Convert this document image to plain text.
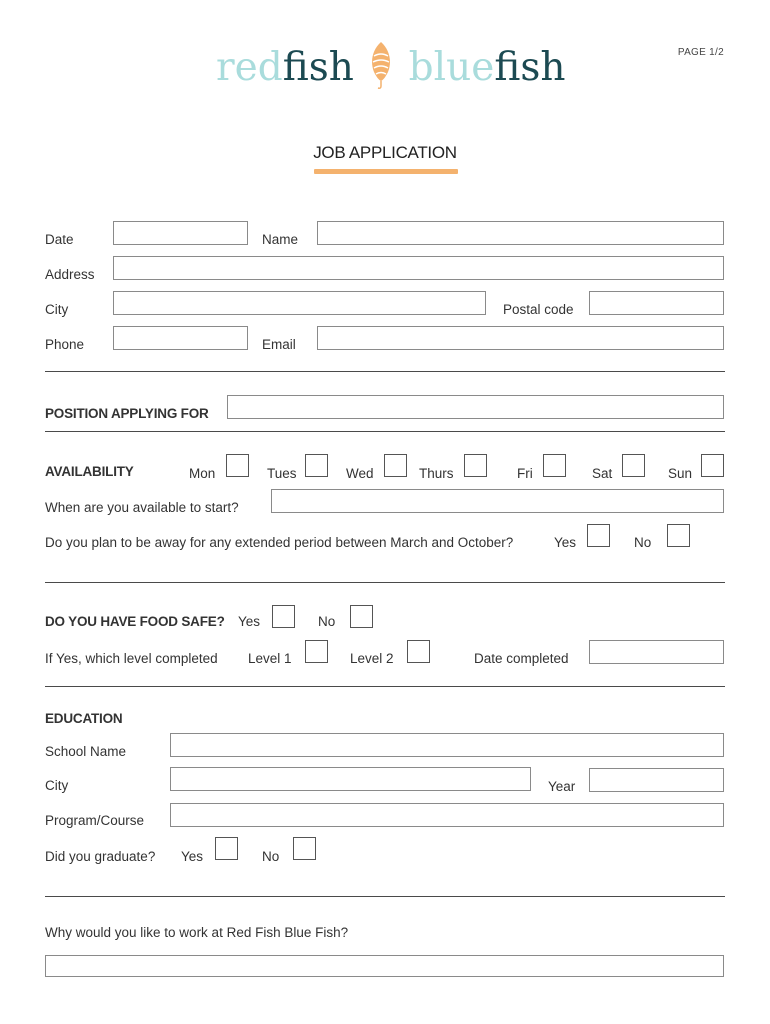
PAGE 1/2
redfish bluefish
JOB APPLICATION
Date	Name
Address
City	Postal code
Phone	Email
POSITION APPLYING FOR
AVAILABILITY	Mon	Tues	Wed	Thurs	Fri	Sat	Sun
When are you available to start?
Do you plan to be away for any extended period between March and October?	Yes	No
DO YOU HAVE FOOD SAFE? Yes	No
If Yes, which level completed Level 1	Level 2	Date completed
EDUCATION
School Name
City	Year
Program/Course
Did you graduate? Yes	No
Why would you like to work at Red Fish Blue Fish?
